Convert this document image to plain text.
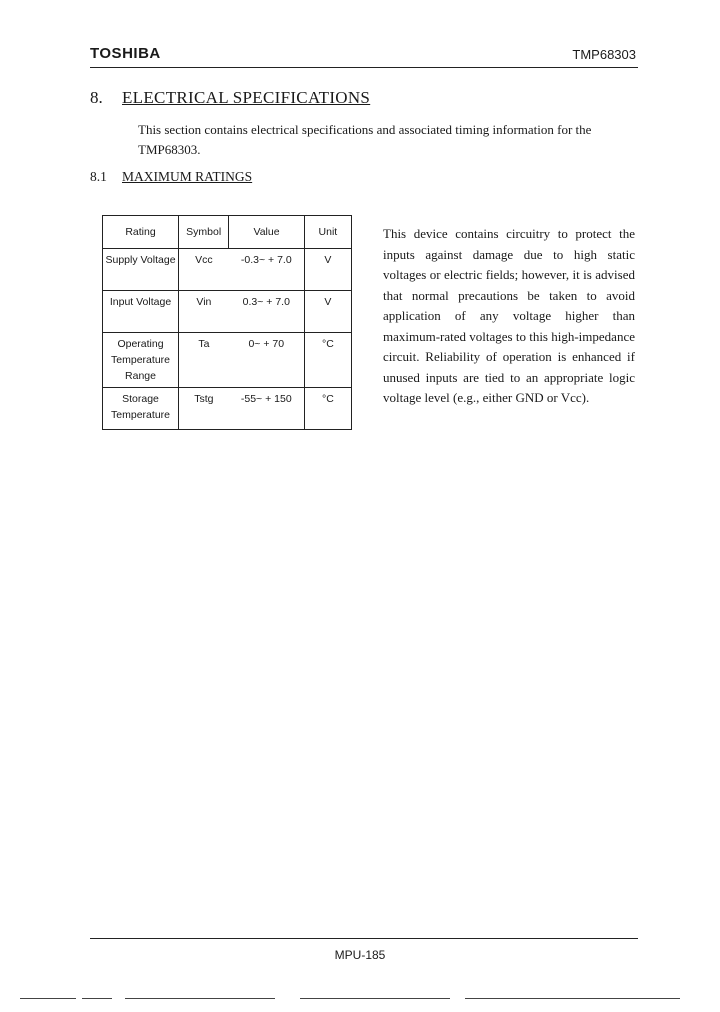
TOSHIBA	TMP68303
8. ELECTRICAL SPECIFICATIONS
This section contains electrical specifications and associated timing information for the TMP68303.
8.1 MAXIMUM RATINGS
Rating	Symbol	Value	Unit
Supply Voltage	Vcc	-0.3~ + 7.0	V
Input Voltage	Vin	0.3~ + 7.0	V
Operating Temperature Range	Ta	0~ + 70	°C
Storage Temperature	Tstg	-55~ + 150	°C
This device contains circuitry to protect the inputs against damage due to high static voltages or electric fields; however, it is advised that normal precautions be taken to avoid application of any voltage higher than maximum-rated voltages to this high-impedance circuit. Reliability of operation is enhanced if unused inputs are tied to an appropriate logic voltage level (e.g., either GND or Vcc).
MPU-185
